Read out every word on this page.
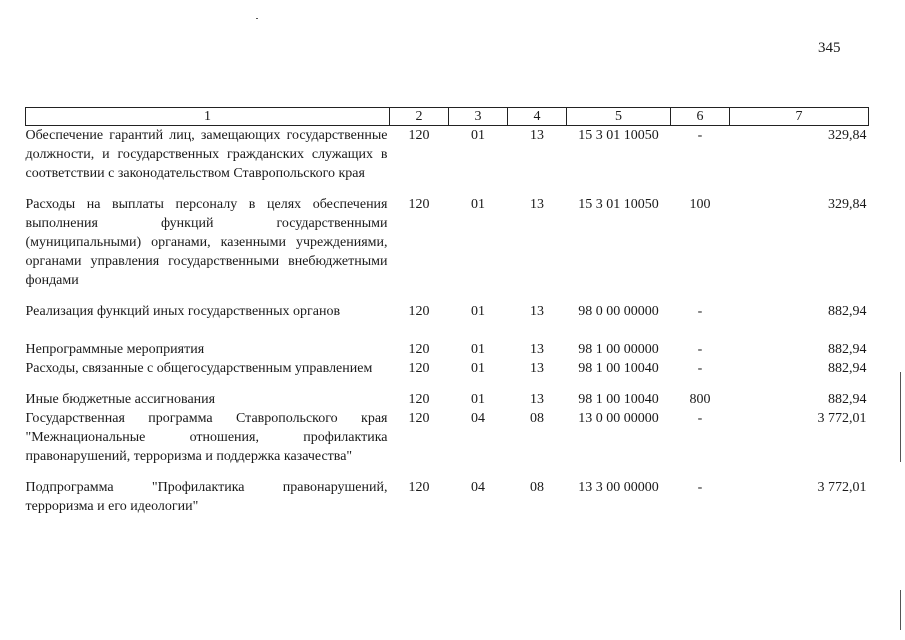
345
1	2	3	4	5	6	7
Обеспечение гарантий лиц, замещающих государственные должности, и государственных гражданских служащих в соответствии с законодательством Ставропольского края	120	01	13	15 3 01 10050	-	329,84
Расходы на выплаты персоналу в целях обеспечения выполнения функций государственными (муниципальными) органами, казенными учреждениями, органами управления государственными внебюджетными фондами	120	01	13	15 3 01 10050	100	329,84
Реализация функций иных государственных органов	120	01	13	98 0 00 00000	-	882,94
Непрограммные мероприятия	120	01	13	98 1 00 00000	-	882,94
Расходы, связанные с общегосударственным управлением	120	01	13	98 1 00 10040	-	882,94
Иные бюджетные ассигнования	120	01	13	98 1 00 10040	800	882,94
Государственная программа Ставропольского края "Межнациональные отношения, профилактика правонарушений, терроризма и поддержка казачества"	120	04	08	13 0 00 00000	-	3 772,01
Подпрограмма "Профилактика правонарушений, терроризма и его идеологии"	120	04	08	13 3 00 00000	-	3 772,01
